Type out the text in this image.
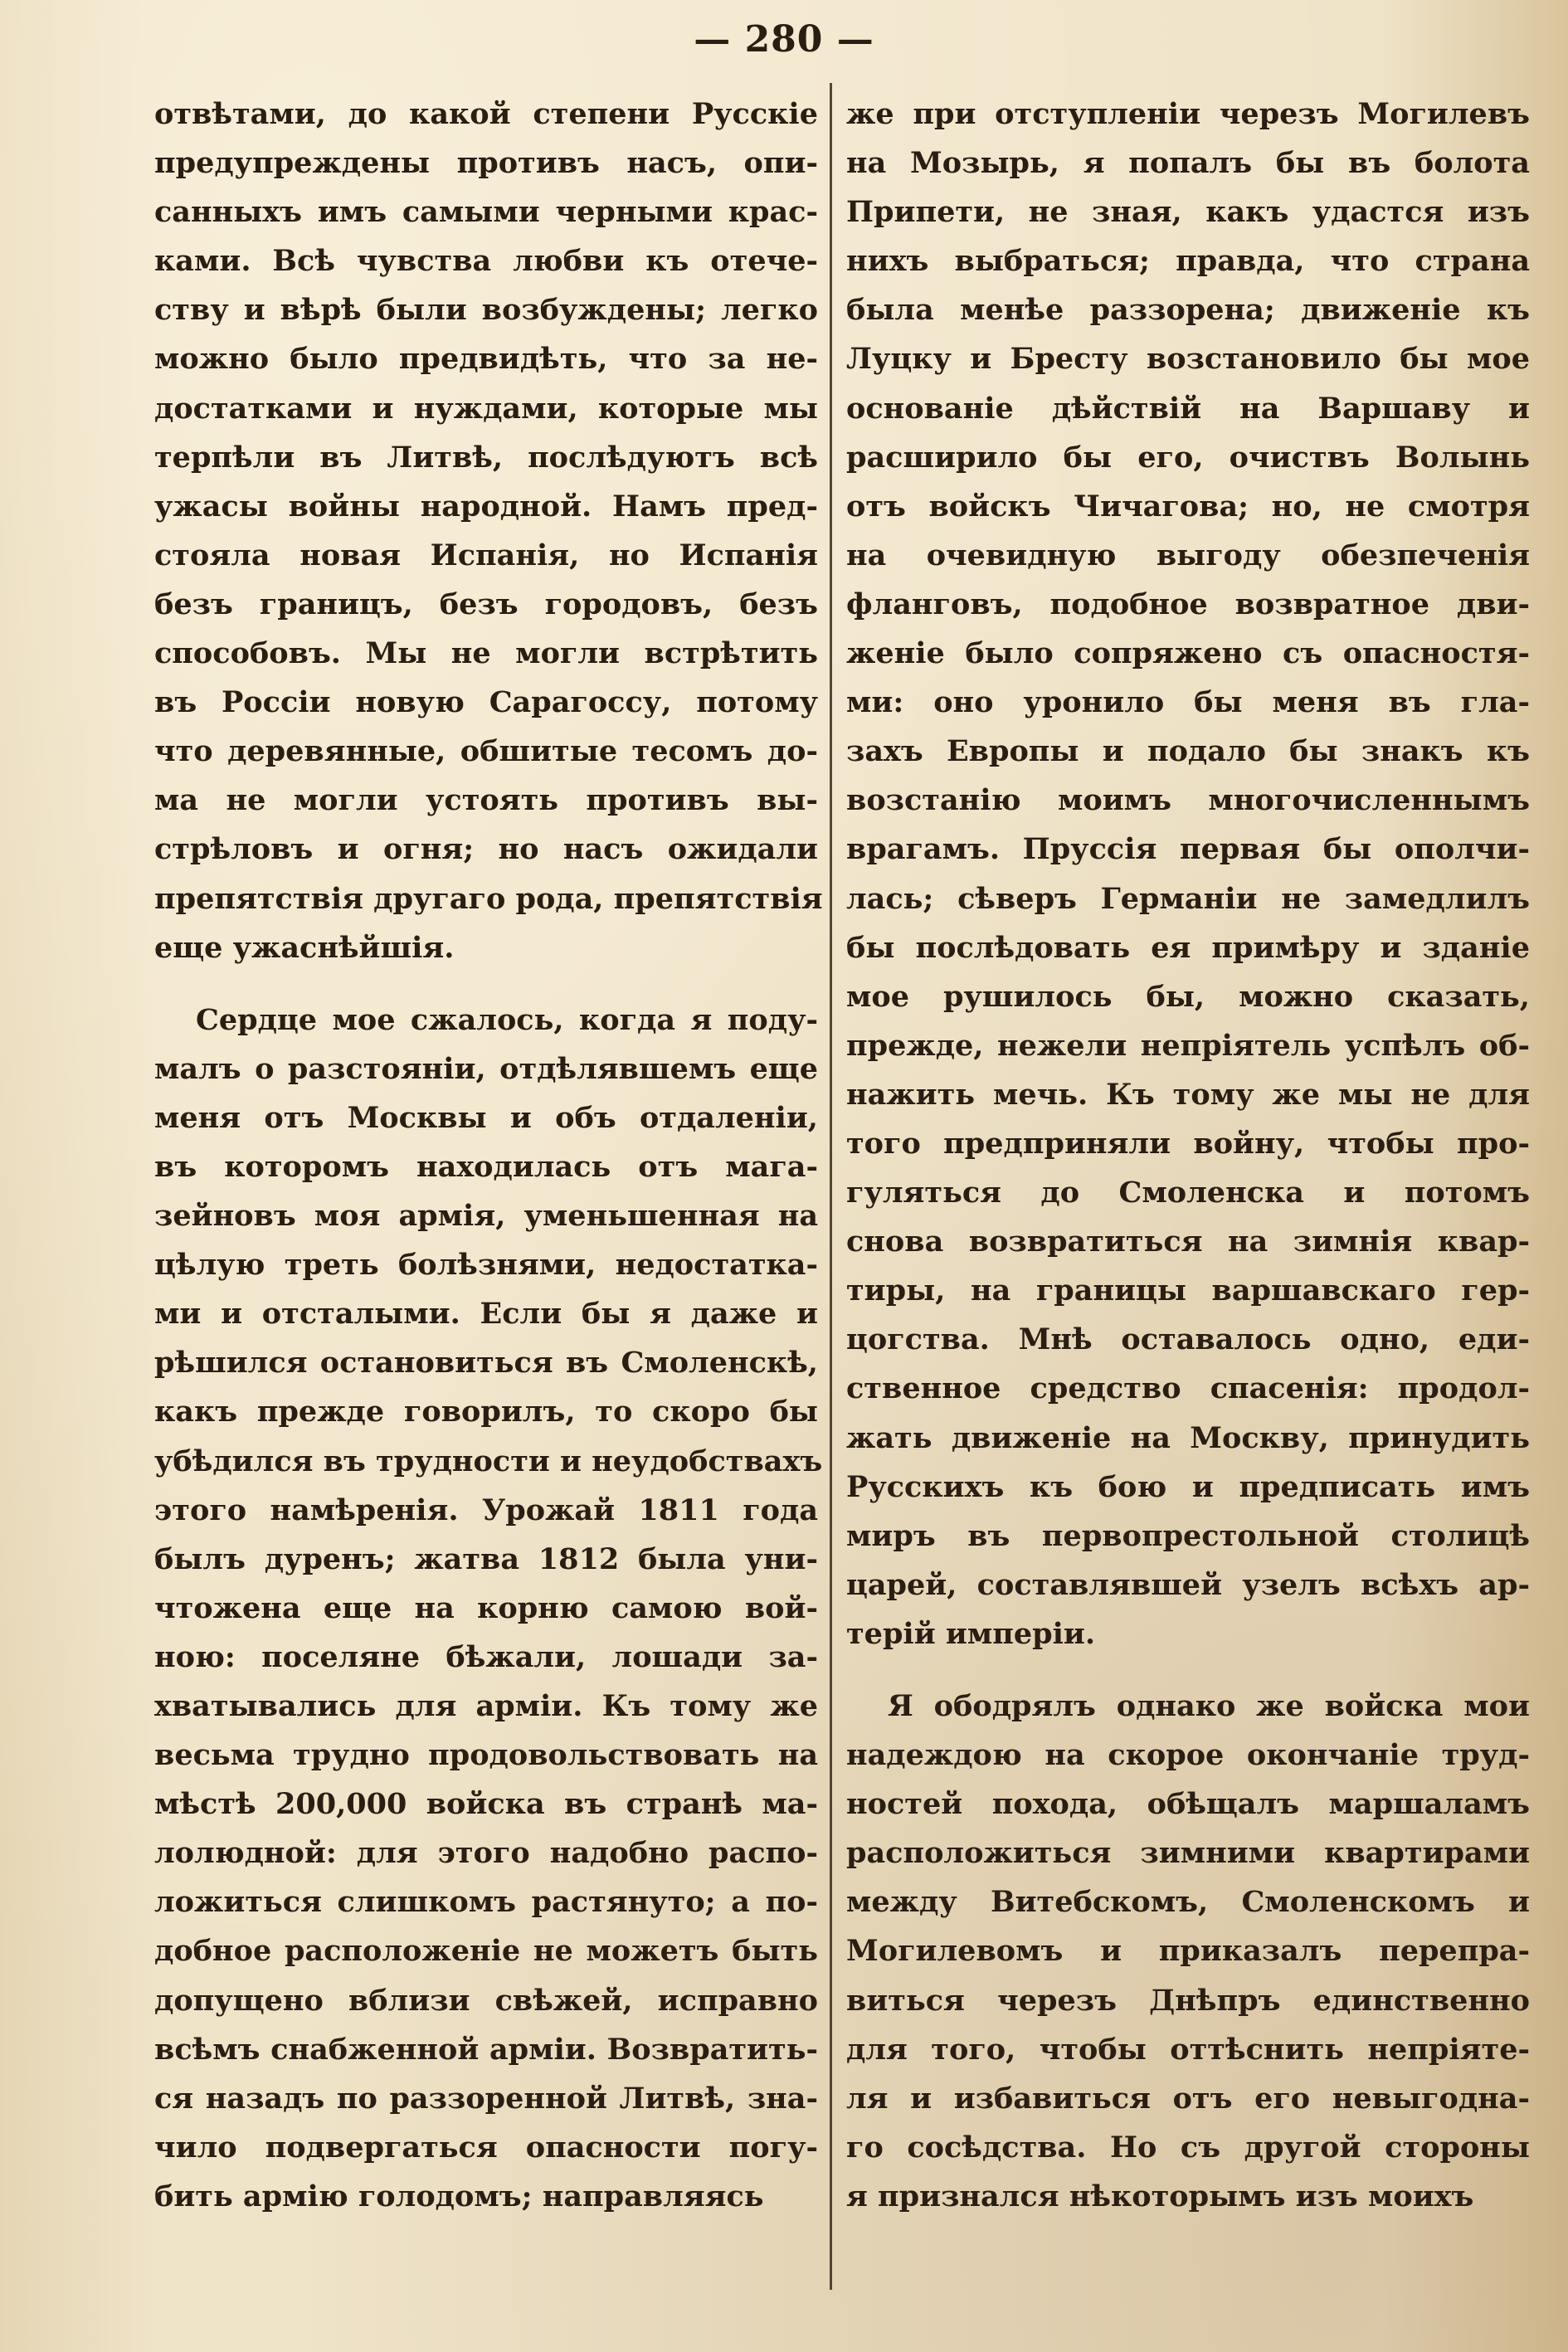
— 280 —
отвѣтами, до какой степени Русскіе
предупреждены противъ насъ, опи-
санныхъ имъ самыми черными крас-
ками. Всѣ чувства любви къ отече-
ству и вѣрѣ были возбуждены; легко
можно было предвидѣть, что за не-
достатками и нуждами, которые мы
терпѣли въ Литвѣ, послѣдуютъ всѣ
ужасы войны народной. Намъ пред-
стояла новая Испанія, но Испанія
безъ границъ, безъ городовъ, безъ
способовъ. Мы не могли встрѣтить
въ Россіи новую Сарагоссу, потому
что деревянные, обшитые тесомъ до-
ма не могли устоять противъ вы-
стрѣловъ и огня; но насъ ожидали
препятствія другаго рода, препятствія
еще ужаснѣйшія.
Сердце мое сжалось, когда я поду-
малъ о разстояніи, отдѣлявшемъ еще
меня отъ Москвы и объ отдаленіи,
въ которомъ находилась отъ мага-
зейновъ моя армія, уменьшенная на
цѣлую треть болѣзнями, недостатка-
ми и отсталыми. Если бы я даже и
рѣшился остановиться въ Смоленскѣ,
какъ прежде говорилъ, то скоро бы
убѣдился въ трудности и неудобствахъ
этого намѣренія. Урожай 1811 года
былъ дуренъ; жатва 1812 была уни-
чтожена еще на корню самою вой-
ною: поселяне бѣжали, лошади за-
хватывались для арміи. Къ тому же
весьма трудно продовольствовать на
мѣстѣ 200,000 войска въ странѣ ма-
лолюдной: для этого надобно распо-
ложиться слишкомъ растянуто; а по-
добное расположеніе не можетъ быть
допущено вблизи свѣжей, исправно
всѣмъ снабженной арміи. Возвратить-
ся назадъ по раззоренной Литвѣ, зна-
чило подвергаться опасности погу-
бить армію голодомъ; направляясь
же при отступленіи черезъ Могилевъ
на Мозырь, я попалъ бы въ болота
Припети, не зная, какъ удастся изъ
нихъ выбраться; правда, что страна
была менѣе раззорена; движеніе къ
Луцку и Бресту возстановило бы мое
основаніе дѣйствій на Варшаву и
расширило бы его, очиствъ Волынь
отъ войскъ Чичагова; но, не смотря
на очевидную выгоду обезпеченія
фланговъ, подобное возвратное дви-
женіе было сопряжено съ опасностя-
ми: оно уронило бы меня въ гла-
захъ Европы и подало бы знакъ къ
возстанію моимъ многочисленнымъ
врагамъ. Пруссія первая бы ополчи-
лась; сѣверъ Германіи не замедлилъ
бы послѣдовать ея примѣру и зданіе
мое рушилось бы, можно сказать,
прежде, нежели непріятель успѣлъ об-
нажить мечь. Къ тому же мы не для
того предприняли войну, чтобы про-
гуляться до Смоленска и потомъ
снова возвратиться на зимнія квар-
тиры, на границы варшавскаго гер-
цогства. Мнѣ оставалось одно, еди-
ственное средство спасенія: продол-
жать движеніе на Москву, принудить
Русскихъ къ бою и предписать имъ
миръ въ первопрестольной столицѣ
царей, составлявшей узелъ всѣхъ ар-
терій имперіи.
Я ободрялъ однако же войска мои
надеждою на скорое окончаніе труд-
ностей похода, обѣщалъ маршаламъ
расположиться зимними квартирами
между Витебскомъ, Смоленскомъ и
Могилевомъ и приказалъ перепра-
виться черезъ Днѣпръ единственно
для того, чтобы оттѣснить непріяте-
ля и избавиться отъ его невыгодна-
го сосѣдства. Но съ другой стороны
я признался нѣкоторымъ изъ моихъ
